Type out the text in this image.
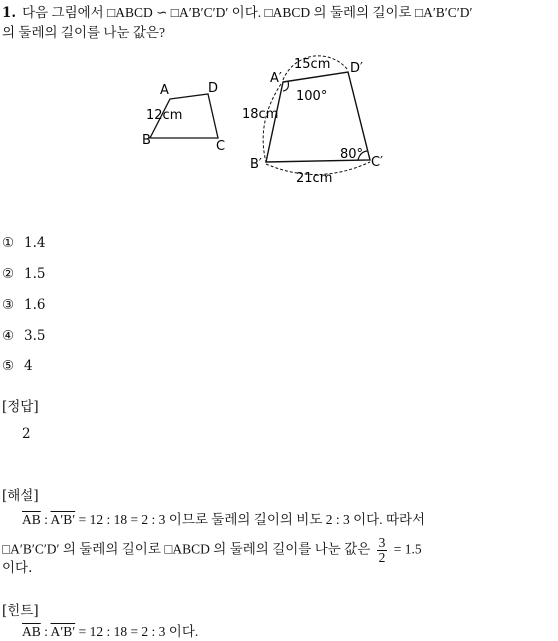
1. 다음 그림에서 □ABCD ∽ □A′B′C′D′ 이다. □ABCD 의 둘레의 길이로 □A′B′C′D′
의 둘레의 길이를 나눈 값은?
A	D
B	C
12cm
A′
D′
B′	C′
15cm
18cm
21cm
100°
80°
① 1.4
② 1.5
③ 1.6
④ 3.5
⑤ 4
[정답]
2
[해설]
$\overline{AB}$ : A′B′ = 12 : 18 = 2 : 3 이므로 둘레의 길이의 비도 2 : 3 이다. 따라서
□A′B′C′D′ 의 둘레의 길이로 □ABCD 의 둘레의 길이를 나눈 값은 $\frac{3}{2} = 1.5$
이다.
[힌트]
$\overline{AB}$ : A′B′ = 12 : 18 = 2 : 3 이다.
